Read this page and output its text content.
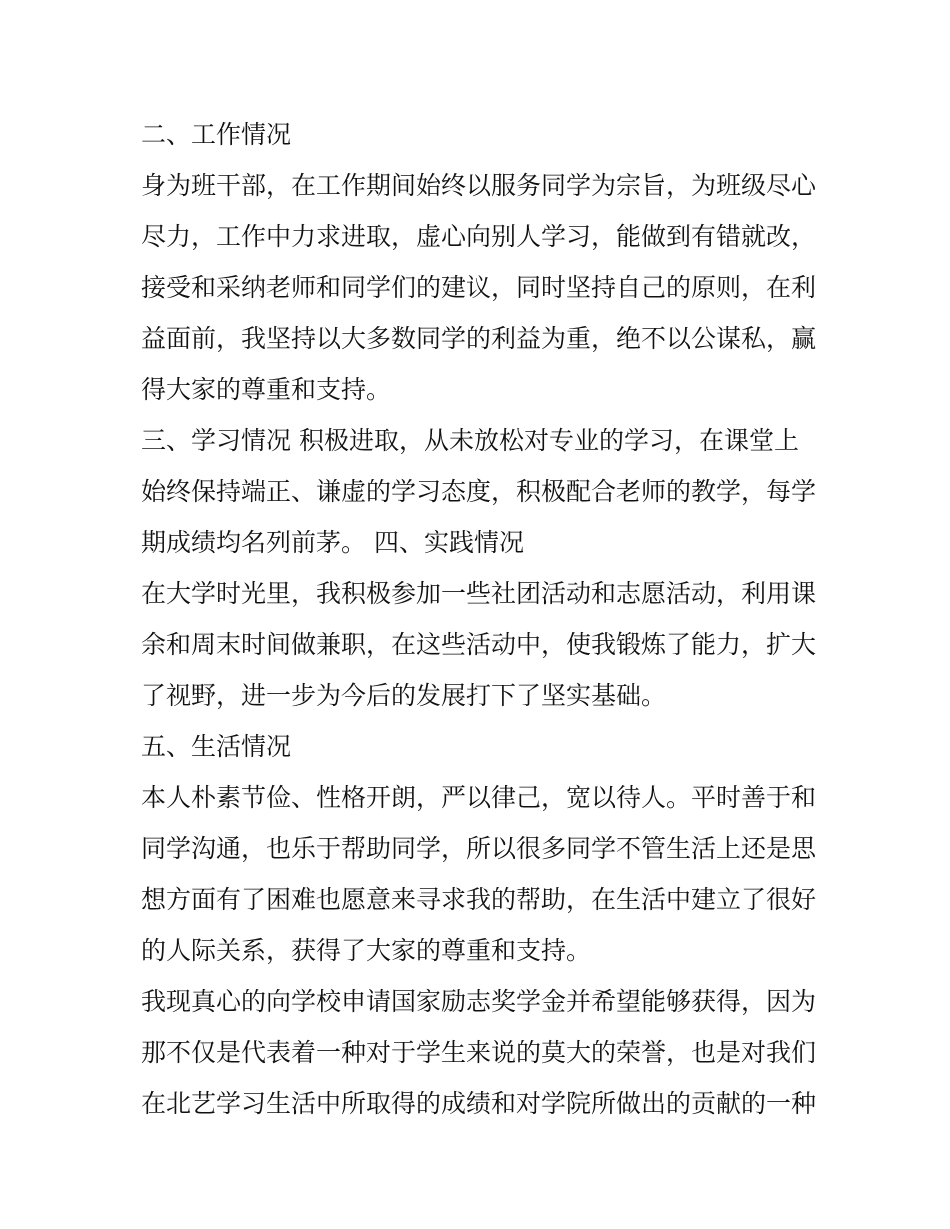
二、工作情况

身为班干部，在工作期间始终以服务同学为宗旨，为班级尽心

尽力，工作中力求进取，虚心向别人学习，能做到有错就改，

接受和采纳老师和同学们的建议，同时坚持自己的原则，在利

益面前，我坚持以大多数同学的利益为重，绝不以公谋私，赢

得大家的尊重和支持。

三、学习情况 积极进取，从未放松对专业的学习，在课堂上

始终保持端正、谦虚的学习态度，积极配合老师的教学，每学

期成绩均名列前茅。 四、实践情况

在大学时光里，我积极参加一些社团活动和志愿活动，利用课

余和周末时间做兼职，在这些活动中，使我锻炼了能力，扩大

了视野，进一步为今后的发展打下了坚实基础。

五、生活情况

本人朴素节俭、性格开朗，严以律己，宽以待人。平时善于和

同学沟通，也乐于帮助同学，所以很多同学不管生活上还是思

想方面有了困难也愿意来寻求我的帮助，在生活中建立了很好

的人际关系，获得了大家的尊重和支持。

我现真心的向学校申请国家励志奖学金并希望能够获得，因为

那不仅是代表着一种对于学生来说的莫大的荣誉，也是对我们

在北艺学习生活中所取得的成绩和对学院所做出的贡献的一种
